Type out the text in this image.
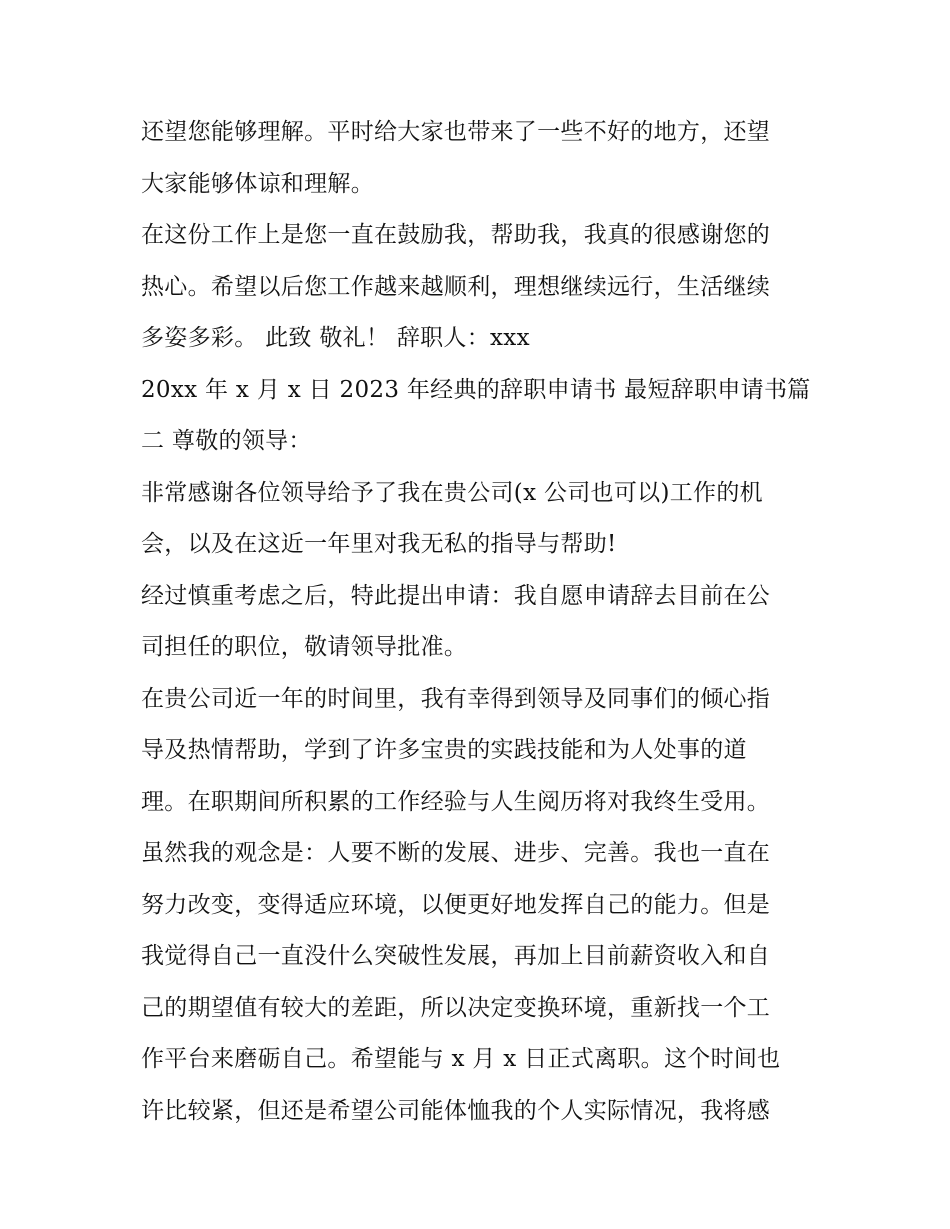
还望您能够理解。平时给大家也带来了一些不好的地方，还望
大家能够体谅和理解。
在这份工作上是您一直在鼓励我，帮助我，我真的很感谢您的
热心。希望以后您工作越来越顺利，理想继续远行，生活继续
多姿多彩。 此致 敬礼！ 辞职人：xxx
20xx 年 x 月 x 日 2023 年经典的辞职申请书 最短辞职申请书篇
二 尊敬的领导：
非常感谢各位领导给予了我在贵公司(x 公司也可以)工作的机
会，以及在这近一年里对我无私的指导与帮助!
经过慎重考虑之后，特此提出申请：我自愿申请辞去目前在公
司担任的职位，敬请领导批准。
在贵公司近一年的时间里，我有幸得到领导及同事们的倾心指
导及热情帮助，学到了许多宝贵的实践技能和为人处事的道
理。在职期间所积累的工作经验与人生阅历将对我终生受用。
虽然我的观念是：人要不断的发展、进步、完善。我也一直在
努力改变，变得适应环境，以便更好地发挥自己的能力。但是
我觉得自己一直没什么突破性发展，再加上目前薪资收入和自
己的期望值有较大的差距，所以决定变换环境，重新找一个工
作平台来磨砺自己。希望能与 x 月 x 日正式离职。这个时间也
许比较紧，但还是希望公司能体恤我的个人实际情况，我将感
